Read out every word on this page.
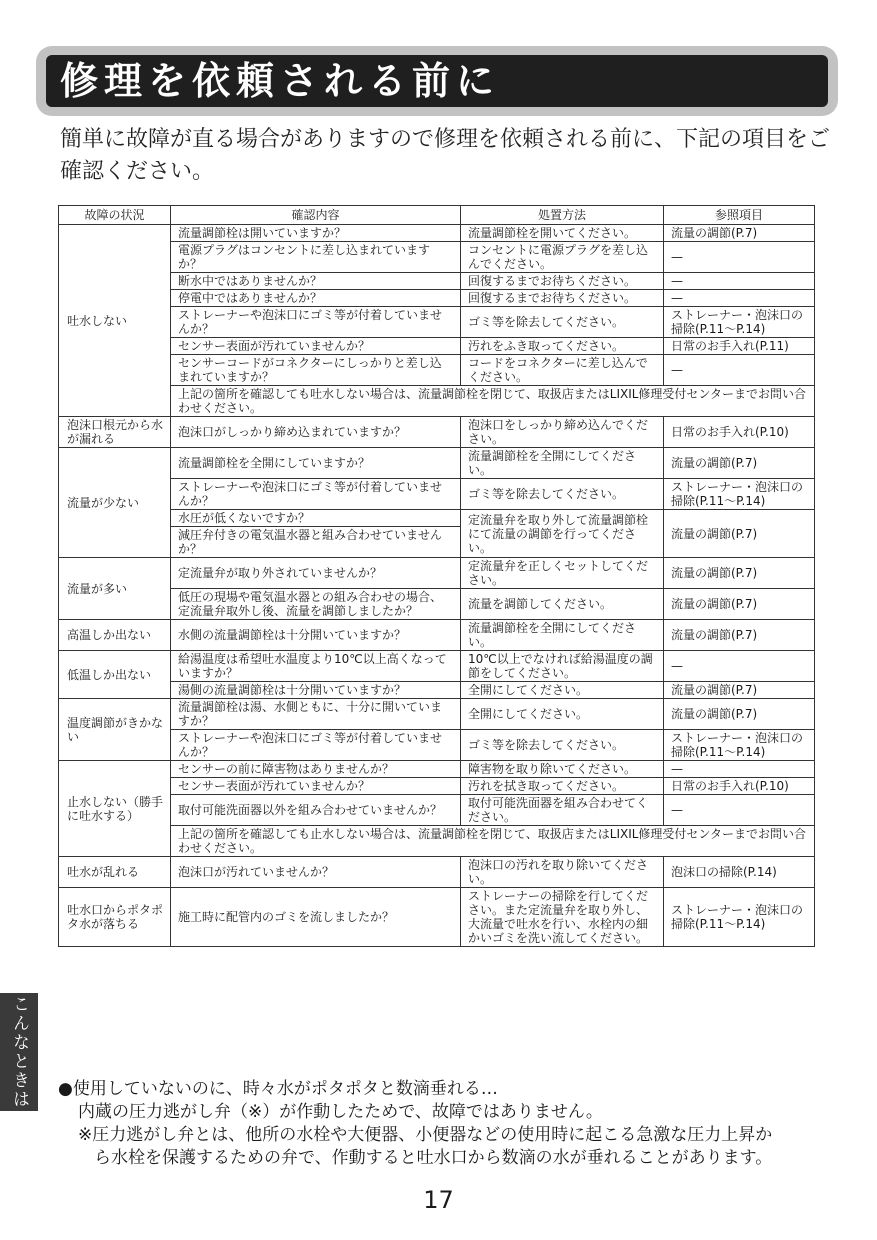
修理を依頼される前に
簡単に故障が直る場合がありますので修理を依頼される前に、下記の項目をご確認ください。
故障の状況	確認内容	処置方法	参照項目
吐水しない	流量調節栓は開いていますか？	流量調節栓を開いてください。	流量の調節(P.7)
	電源プラグはコンセントに差し込まれていますか？	コンセントに電源プラグを差し込んでください。	—
	断水中ではありませんか？	回復するまでお待ちください。	—
	停電中ではありませんか？	回復するまでお待ちください。	—
	ストレーナーや泡沫口にゴミ等が付着していませんか？	ゴミ等を除去してください。	ストレーナー・泡沫口の掃除(P.11〜P.14)
	センサー表面が汚れていませんか？	汚れをふき取ってください。	日常のお手入れ(P.11)
	センサーコードがコネクターにしっかりと差し込まれていますか？	コードをコネクターに差し込んでください。	—
	上記の箇所を確認しても吐水しない場合は、流量調節栓を閉じて、取扱店またはLIXIL修理受付センターまでお問い合わせください。		
泡沫口根元から水が漏れる	泡沫口がしっかり締め込まれていますか？	泡沫口をしっかり締め込んでください。	日常のお手入れ(P.10)
流量が少ない	流量調節栓を全開にしていますか？	流量調節栓を全開にしてください。	流量の調節(P.7)
	ストレーナーや泡沫口にゴミ等が付着していませんか？	ゴミ等を除去してください。	ストレーナー・泡沫口の掃除(P.11〜P.14)
	水圧が低くないですか？	定流量弁を取り外して流量調節栓にて流量の調節を行ってください。	流量の調節(P.7)
	減圧弁付きの電気温水器と組み合わせていませんか？		
流量が多い	定流量弁が取り外されていませんか？	定流量弁を正しくセットしてください。	流量の調節(P.7)
	低圧の現場や電気温水器との組み合わせの場合、定流量弁取外し後、流量を調節しましたか？	流量を調節してください。	流量の調節(P.7)
高温しか出ない	水側の流量調節栓は十分開いていますか？	流量調節栓を全開にしてください。	流量の調節(P.7)
低温しか出ない	給湯温度は希望吐水温度より10℃以上高くなっていますか？	10℃以上でなければ給湯温度の調節をしてください。	—
	湯側の流量調節栓は十分開いていますか？	全開にしてください。	流量の調節(P.7)
温度調節がきかない	流量調節栓は湯、水側ともに、十分に開いていますか？	全開にしてください。	流量の調節(P.7)
	ストレーナーや泡沫口にゴミ等が付着していませんか？	ゴミ等を除去してください。	ストレーナー・泡沫口の掃除(P.11〜P.14)
止水しない（勝手に吐水する）	センサーの前に障害物はありませんか？	障害物を取り除いてください。	—
	センサー表面が汚れていませんか？	汚れを拭き取ってください。	日常のお手入れ(P.10)
	取付可能洗面器以外を組み合わせていませんか？	取付可能洗面器を組み合わせてください。	—
	上記の箇所を確認しても止水しない場合は、流量調節栓を閉じて、取扱店またはLIXIL修理受付センターまでお問い合わせください。		
吐水が乱れる	泡沫口が汚れていませんか？	泡沫口の汚れを取り除いてください。	泡沫口の掃除(P.14)
吐水口からポタポタ水が落ちる	施工時に配管内のゴミを流しましたか？	ストレーナーの掃除を行してください。また定流量弁を取り外し、大流量で吐水を行い、水栓内の細かいゴミを洗い流してください。	ストレーナー・泡沫口の掃除(P.11〜P.14)
こんなときは	●使用していないのに、時々水がポタポタと数滴垂れる…
内蔵の圧力逃がし弁（※）が作動したためで、故障ではありません。
※圧力逃がし弁とは、他所の水栓や大便器、小便器などの使用時に起こる急激な圧力上昇か
ら水栓を保護するための弁で、作動すると吐水口から数滴の水が垂れることがあります。
17
